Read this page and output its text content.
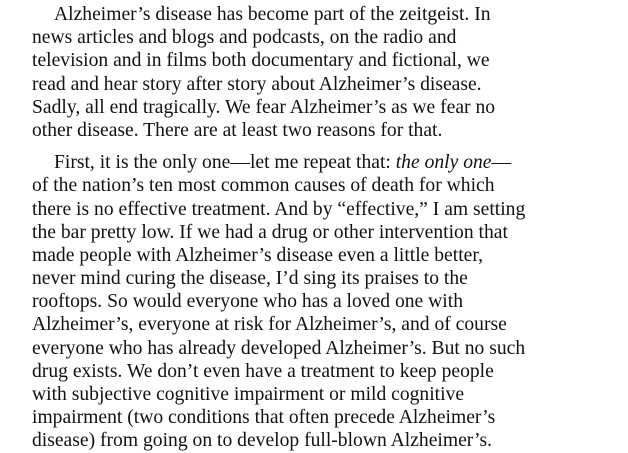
Alzheimer’s disease has become part of the zeitgeist. In
news articles and blogs and podcasts, on the radio and
television and in films both documentary and fictional, we
read and hear story after story about Alzheimer’s disease.
Sadly, all end tragically. We fear Alzheimer’s as we fear no
other disease. There are at least two reasons for that.
First, it is the only one—let me repeat that: the only one—
of the nation’s ten most common causes of death for which
there is no effective treatment. And by “effective,” I am setting
the bar pretty low. If we had a drug or other intervention that
made people with Alzheimer’s disease even a little better,
never mind curing the disease, I’d sing its praises to the
rooftops. So would everyone who has a loved one with
Alzheimer’s, everyone at risk for Alzheimer’s, and of course
everyone who has already developed Alzheimer’s. But no such
drug exists. We don’t even have a treatment to keep people
with subjective cognitive impairment or mild cognitive
impairment (two conditions that often precede Alzheimer’s
disease) from going on to develop full-blown Alzheimer’s.
